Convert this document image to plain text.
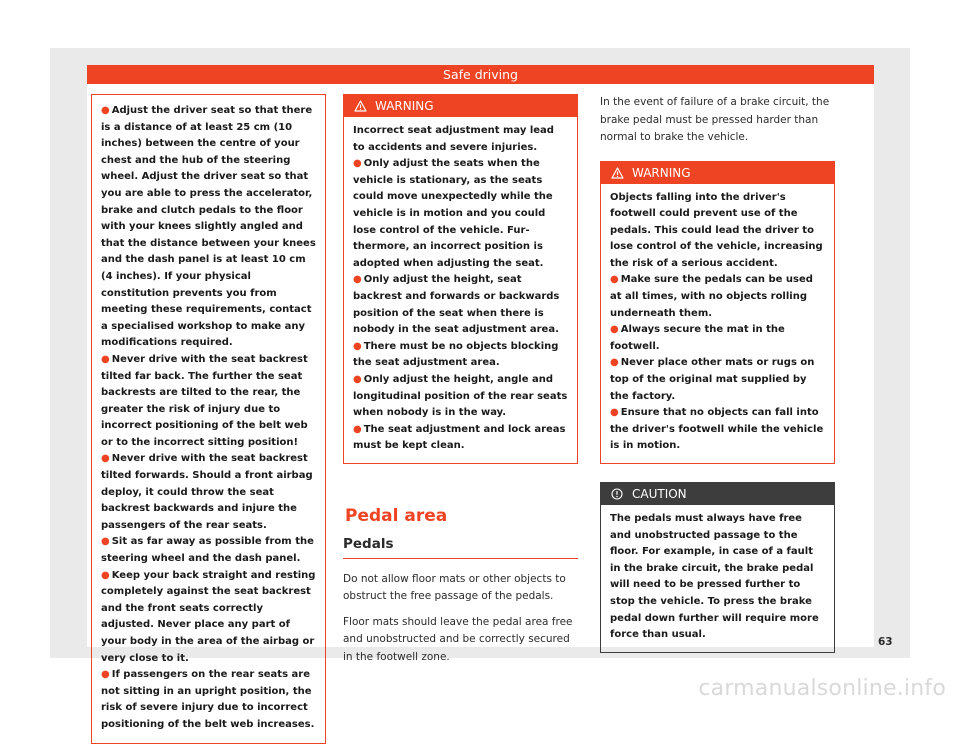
Safe driving

● Adjust the driver seat so that there is a distance of at least 25 cm (10 inches) between the centre of your chest and the hub of the steering wheel. Adjust the driver seat so that you are able to press the accelerator, brake and clutch pedals to the floor with your knees slightly angled and that the distance between your knees and the dash panel is at least 10 cm (4 inches). If your physical constitution prevents you from meeting these requirements, contact a specialised workshop to make any modifications required.

● Never drive with the seat backrest tilted far back. The further the seat backrests are tilted to the rear, the greater the risk of injury due to incorrect positioning of the belt web or to the incorrect sitting position!

● Never drive with the seat backrest tilted forwards. Should a front airbag deploy, it could throw the seat backrest backwards and injure the passengers of the rear seats.

● Sit as far away as possible from the steering wheel and the dash panel.

● Keep your back straight and resting completely against the seat backrest and the front seats correctly adjusted. Never place any part of your body in the area of the airbag or very close to it.

● If passengers on the rear seats are not sitting in an upright position, the risk of severe injury due to incorrect positioning of the belt web increases.

WARNING

Incorrect seat adjustment may lead to accidents and severe injuries.

● Only adjust the seats when the vehicle is stationary, as the seats could move unexpectedly while the vehicle is in motion and you could lose control of the vehicle. Furthermore, an incorrect position is adopted when adjusting the seat.

● Only adjust the height, seat backrest and forwards or backwards position of the seat when there is nobody in the seat adjustment area.

● There must be no objects blocking the seat adjustment area.

● Only adjust the height, angle and longitudinal position of the rear seats when nobody is in the way.

● The seat adjustment and lock areas must be kept clean.

Pedal area
Pedals

Do not allow floor mats or other objects to obstruct the free passage of the pedals.

Floor mats should leave the pedal area free and unobstructed and be correctly secured in the footwell zone.

In the event of failure of a brake circuit, the brake pedal must be pressed harder than normal to brake the vehicle.

WARNING

Objects falling into the driver's footwell could prevent use of the pedals. This could lead the driver to lose control of the vehicle, increasing the risk of a serious accident.

● Make sure the pedals can be used at all times, with no objects rolling underneath them.

● Always secure the mat in the footwell.

● Never place other mats or rugs on top of the original mat supplied by the factory.

● Ensure that no objects can fall into the driver's footwell while the vehicle is in motion.

CAUTION

The pedals must always have free and unobstructed passage to the floor. For example, in case of a fault in the brake circuit, the brake pedal will need to be pressed further to stop the vehicle. To press the brake pedal down further will require more force than usual.

63
carmanualsonline.info
